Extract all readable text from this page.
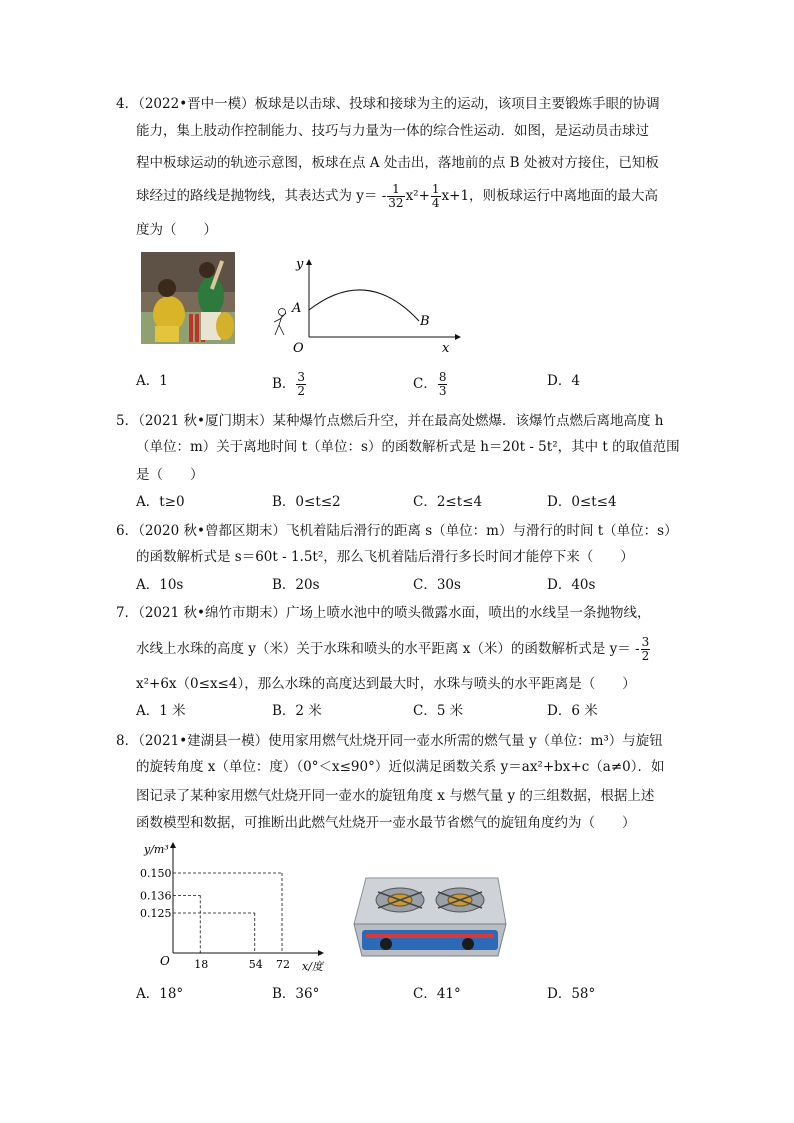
4．（2022•晋中一模）板球是以击球、投球和接球为主的运动，该项目主要锻炼手眼的协调
能力，集上肢动作控制能力、技巧与力量为一体的综合性运动．如图，是运动员击球过
程中板球运动的轨迹示意图，板球在点 A 处击出，落地前的点 B 处被对方接住，已知板
球经过的路线是抛物线，其表达式为 $y= - \frac{1}{32} x^2+ \frac{1}{4} x+1$，则板球运行中离地面的最大高
度为（　　）
y
x
O
A
B
A．1	B． $\frac{3}{2}$	C． $\frac{8}{3}$	D．4
5．（2021 秋•厦门期末）某种爆竹点燃后升空，并在最高处燃爆．该爆竹点燃后离地高度 h
（单位：m）关于离地时间 t（单位：s）的函数解析式是 h＝20t - 5t²，其中 t 的取值范围
是（　　）
A．t≥0	B．0≤t≤2	C．2≤t≤4	D．0≤t≤4
6．（2020 秋•曾都区期末）飞机着陆后滑行的距离 s（单位：m）与滑行的时间 t（单位：s）
的函数解析式是 s＝60t - 1.5t²，那么飞机着陆后滑行多长时间才能停下来（　　）
A．10s	B．20s	C．30s	D．40s
7．（2021 秋•绵竹市期末）广场上喷水池中的喷头微露水面，喷出的水线呈一条抛物线，
水线上水珠的高度 y（米）关于水珠和喷头的水平距离 x（米）的函数解析式是 $y= - \frac{3}{2}$
x²+6x（0≤x≤4），那么水珠的高度达到最大时，水珠与喷头的水平距离是（　　）
A．1 米	B．2 米	C．5 米	D．6 米
8．（2021•建湖县一模）使用家用燃气灶烧开同一壶水所需的燃气量 y（单位：m³）与旋钮
的旋转角度 x（单位：度）（0°＜x≤90°）近似满足函数关系 y＝ax²+bx+c（a≠0）．如
图记录了某种家用燃气灶烧开同一壶水的旋钮角度 x 与燃气量 y 的三组数据，根据上述
函数模型和数据，可推断出此燃气灶烧开一壶水最节省燃气的旋钮角度约为（　　）
18	54 72
0.150
0.136
0.125
y/m³
x/度
O
A．18°	B．36°	C．41°	D．58°
